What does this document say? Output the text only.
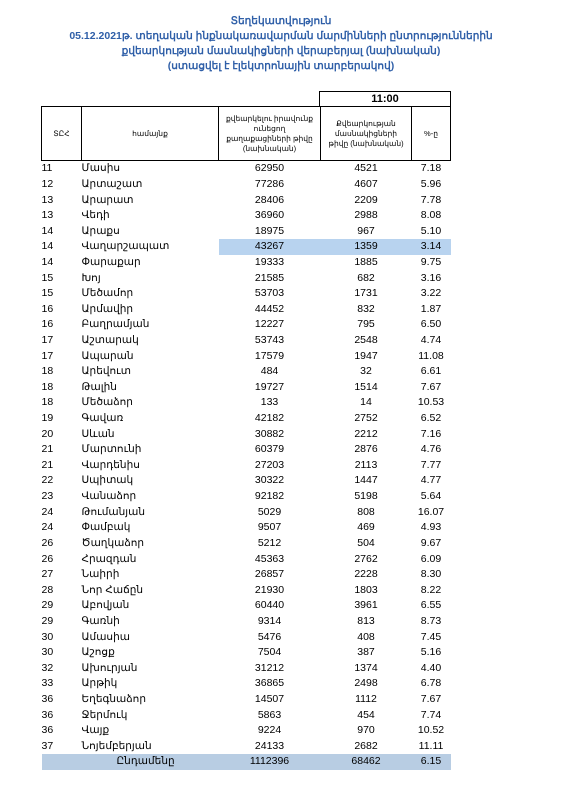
Տեղեկատվություն
05.12.2021թ. տեղական ինքնակառավարման մարմինների ընտրություններին
քվեարկության մասնակիցների վերաբերյալ (նախնական)
(ստացվել է էլեկտրոնային տարբերակով)
11:00
ՏԸՀ	համայնք	քվեարկելու իրավունք ունեցող քաղաքացիների թիվը (նախնական)	Քվեարկության մասնակիցների թիվը (նախնական)	%-ը
11	Մասիս	62950	4521	7.18
12	Արտաշատ	77286	4607	5.96
13	Արարատ	28406	2209	7.78
13	Վեդի	36960	2988	8.08
14	Արաքս	18975	967	5.10
14	Վաղարշապատ	43267	1359	3.14
14	Փարաքար	19333	1885	9.75
15	Խոյ	21585	682	3.16
15	Մեծամոր	53703	1731	3.22
16	Արմավիր	44452	832	1.87
16	Բաղրամյան	12227	795	6.50
17	Աշտարակ	53743	2548	4.74
17	Ապարան	17579	1947	11.08
18	Արեվուտ	484	32	6.61
18	Թալին	19727	1514	7.67
18	Մեծաձոր	133	14	10.53
19	Գավառ	42182	2752	6.52
20	Սևան	30882	2212	7.16
21	Մարտունի	60379	2876	4.76
21	Վարդենիս	27203	2113	7.77
22	Սպիտակ	30322	1447	4.77
23	Վանաձոր	92182	5198	5.64
24	Թումանյան	5029	808	16.07
24	Փամբակ	9507	469	4.93
26	Ծաղկաձոր	5212	504	9.67
26	Հրազդան	45363	2762	6.09
27	Նաիրի	26857	2228	8.30
28	Նոր Հաճըն	21930	1803	8.22
29	Աբովյան	60440	3961	6.55
29	Գառնի	9314	813	8.73
30	Ամասիա	5476	408	7.45
30	Աշոցք	7504	387	5.16
32	Ախուրյան	31212	1374	4.40
33	Արթիկ	36865	2498	6.78
36	Եղեգնաձոր	14507	1112	7.67
36	Ջերմուկ	5863	454	7.74
36	Վայք	9224	970	10.52
37	Նոյեմբերյան	24133	2682	11.11
	Ընդամենը	1112396	68462	6.15
